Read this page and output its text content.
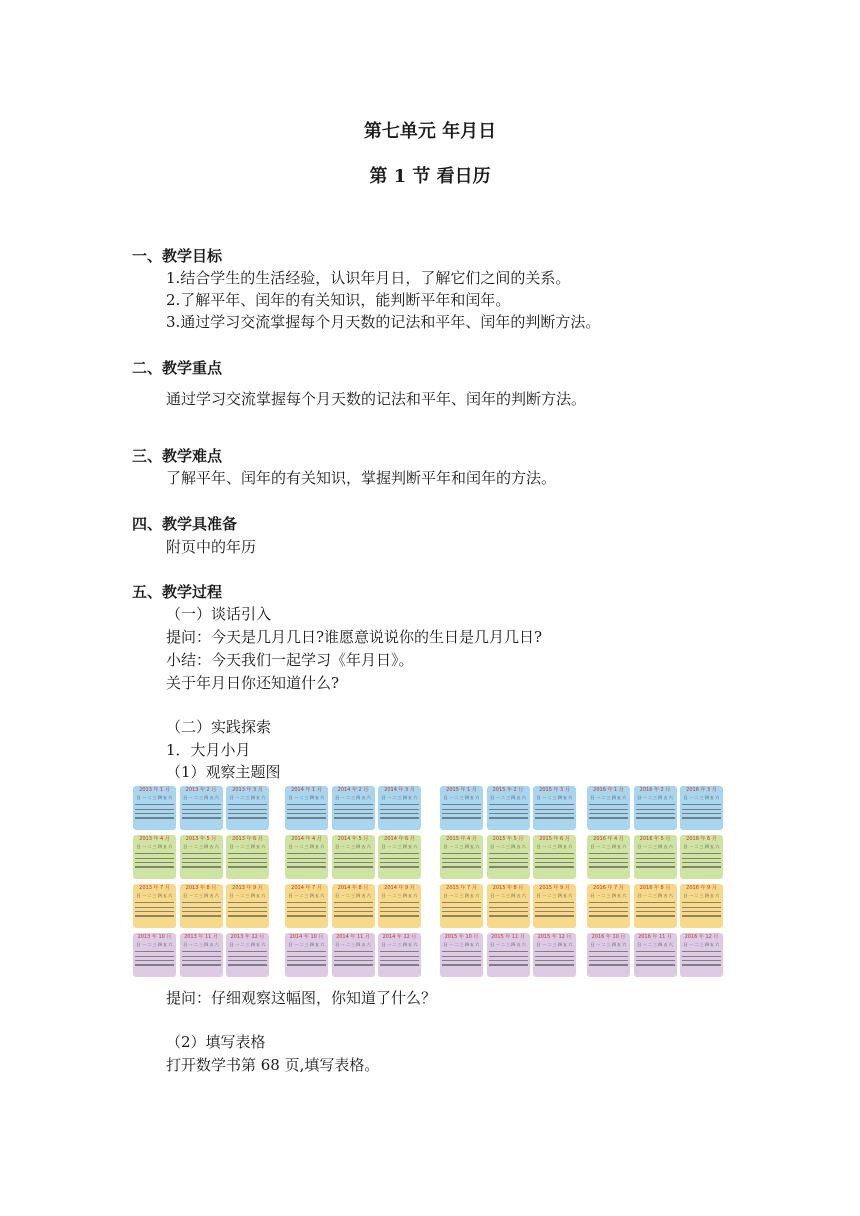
第七单元 年月日
第 1 节 看日历
一、教学目标
1.结合学生的生活经验，认识年月日，了解它们之间的关系。
2.了解平年、闰年的有关知识，能判断平年和闰年。
3.通过学习交流掌握每个月天数的记法和平年、闰年的判断方法。
二、教学重点
通过学习交流掌握每个月天数的记法和平年、闰年的判断方法。
三、教学难点
了解平年、闰年的有关知识，掌握判断平年和闰年的方法。
四、教学具准备
附页中的年历
五、教学过程
（一）谈话引入
提问：今天是几月几日?谁愿意说说你的生日是几月几日?
小结：今天我们一起学习《年月日》。
关于年月日你还知道什么?
（二）实践探索
1．大月小月
（1）观察主题图
2013 年 1 月
日 一 二 三 四 五 六
2013 年 2 月
日 一 二 三 四 五 六
2013 年 3 月
日 一 二 三 四 五 六
2013 年 4 月
日 一 二 三 四 五 六
2013 年 5 月
日 一 二 三 四 五 六
2013 年 6 月
日 一 二 三 四 五 六
2013 年 7 月
日 一 二 三 四 五 六
2013 年 8 月
日 一 二 三 四 五 六
2013 年 9 月
日 一 二 三 四 五 六
2013 年 10 月
日 一 二 三 四 五 六
2013 年 11 月
日 一 二 三 四 五 六
2013 年 12 月
日 一 二 三 四 五 六
2014 年 1 月
日 一 二 三 四 五 六
2014 年 2 月
日 一 二 三 四 五 六
2014 年 3 月
日 一 二 三 四 五 六
2014 年 4 月
日 一 二 三 四 五 六
2014 年 5 月
日 一 二 三 四 五 六
2014 年 6 月
日 一 二 三 四 五 六
2014 年 7 月
日 一 二 三 四 五 六
2014 年 8 月
日 一 二 三 四 五 六
2014 年 9 月
日 一 二 三 四 五 六
2014 年 10 月
日 一 二 三 四 五 六
2014 年 11 月
日 一 二 三 四 五 六
2014 年 12 月
日 一 二 三 四 五 六
2015 年 1 月
日 一 二 三 四 五 六
2015 年 2 月
日 一 二 三 四 五 六
2015 年 3 月
日 一 二 三 四 五 六
2015 年 4 月
日 一 二 三 四 五 六
2015 年 5 月
日 一 二 三 四 五 六
2015 年 6 月
日 一 二 三 四 五 六
2015 年 7 月
日 一 二 三 四 五 六
2015 年 8 月
日 一 二 三 四 五 六
2015 年 9 月
日 一 二 三 四 五 六
2015 年 10 月
日 一 二 三 四 五 六
2015 年 11 月
日 一 二 三 四 五 六
2015 年 12 月
日 一 二 三 四 五 六
2016 年 1 月
日 一 二 三 四 五 六
2016 年 2 月
日 一 二 三 四 五 六
2016 年 3 月
日 一 二 三 四 五 六
2016 年 4 月
日 一 二 三 四 五 六
2016 年 5 月
日 一 二 三 四 五 六
2016 年 6 月
日 一 二 三 四 五 六
2016 年 7 月
日 一 二 三 四 五 六
2016 年 8 月
日 一 二 三 四 五 六
2016 年 9 月
日 一 二 三 四 五 六
2016 年 10 月
日 一 二 三 四 五 六
2016 年 11 月
日 一 二 三 四 五 六
2016 年 12 月
日 一 二 三 四 五 六
提问：仔细观察这幅图，你知道了什么？
（2）填写表格
打开数学书第 68 页,填写表格。
